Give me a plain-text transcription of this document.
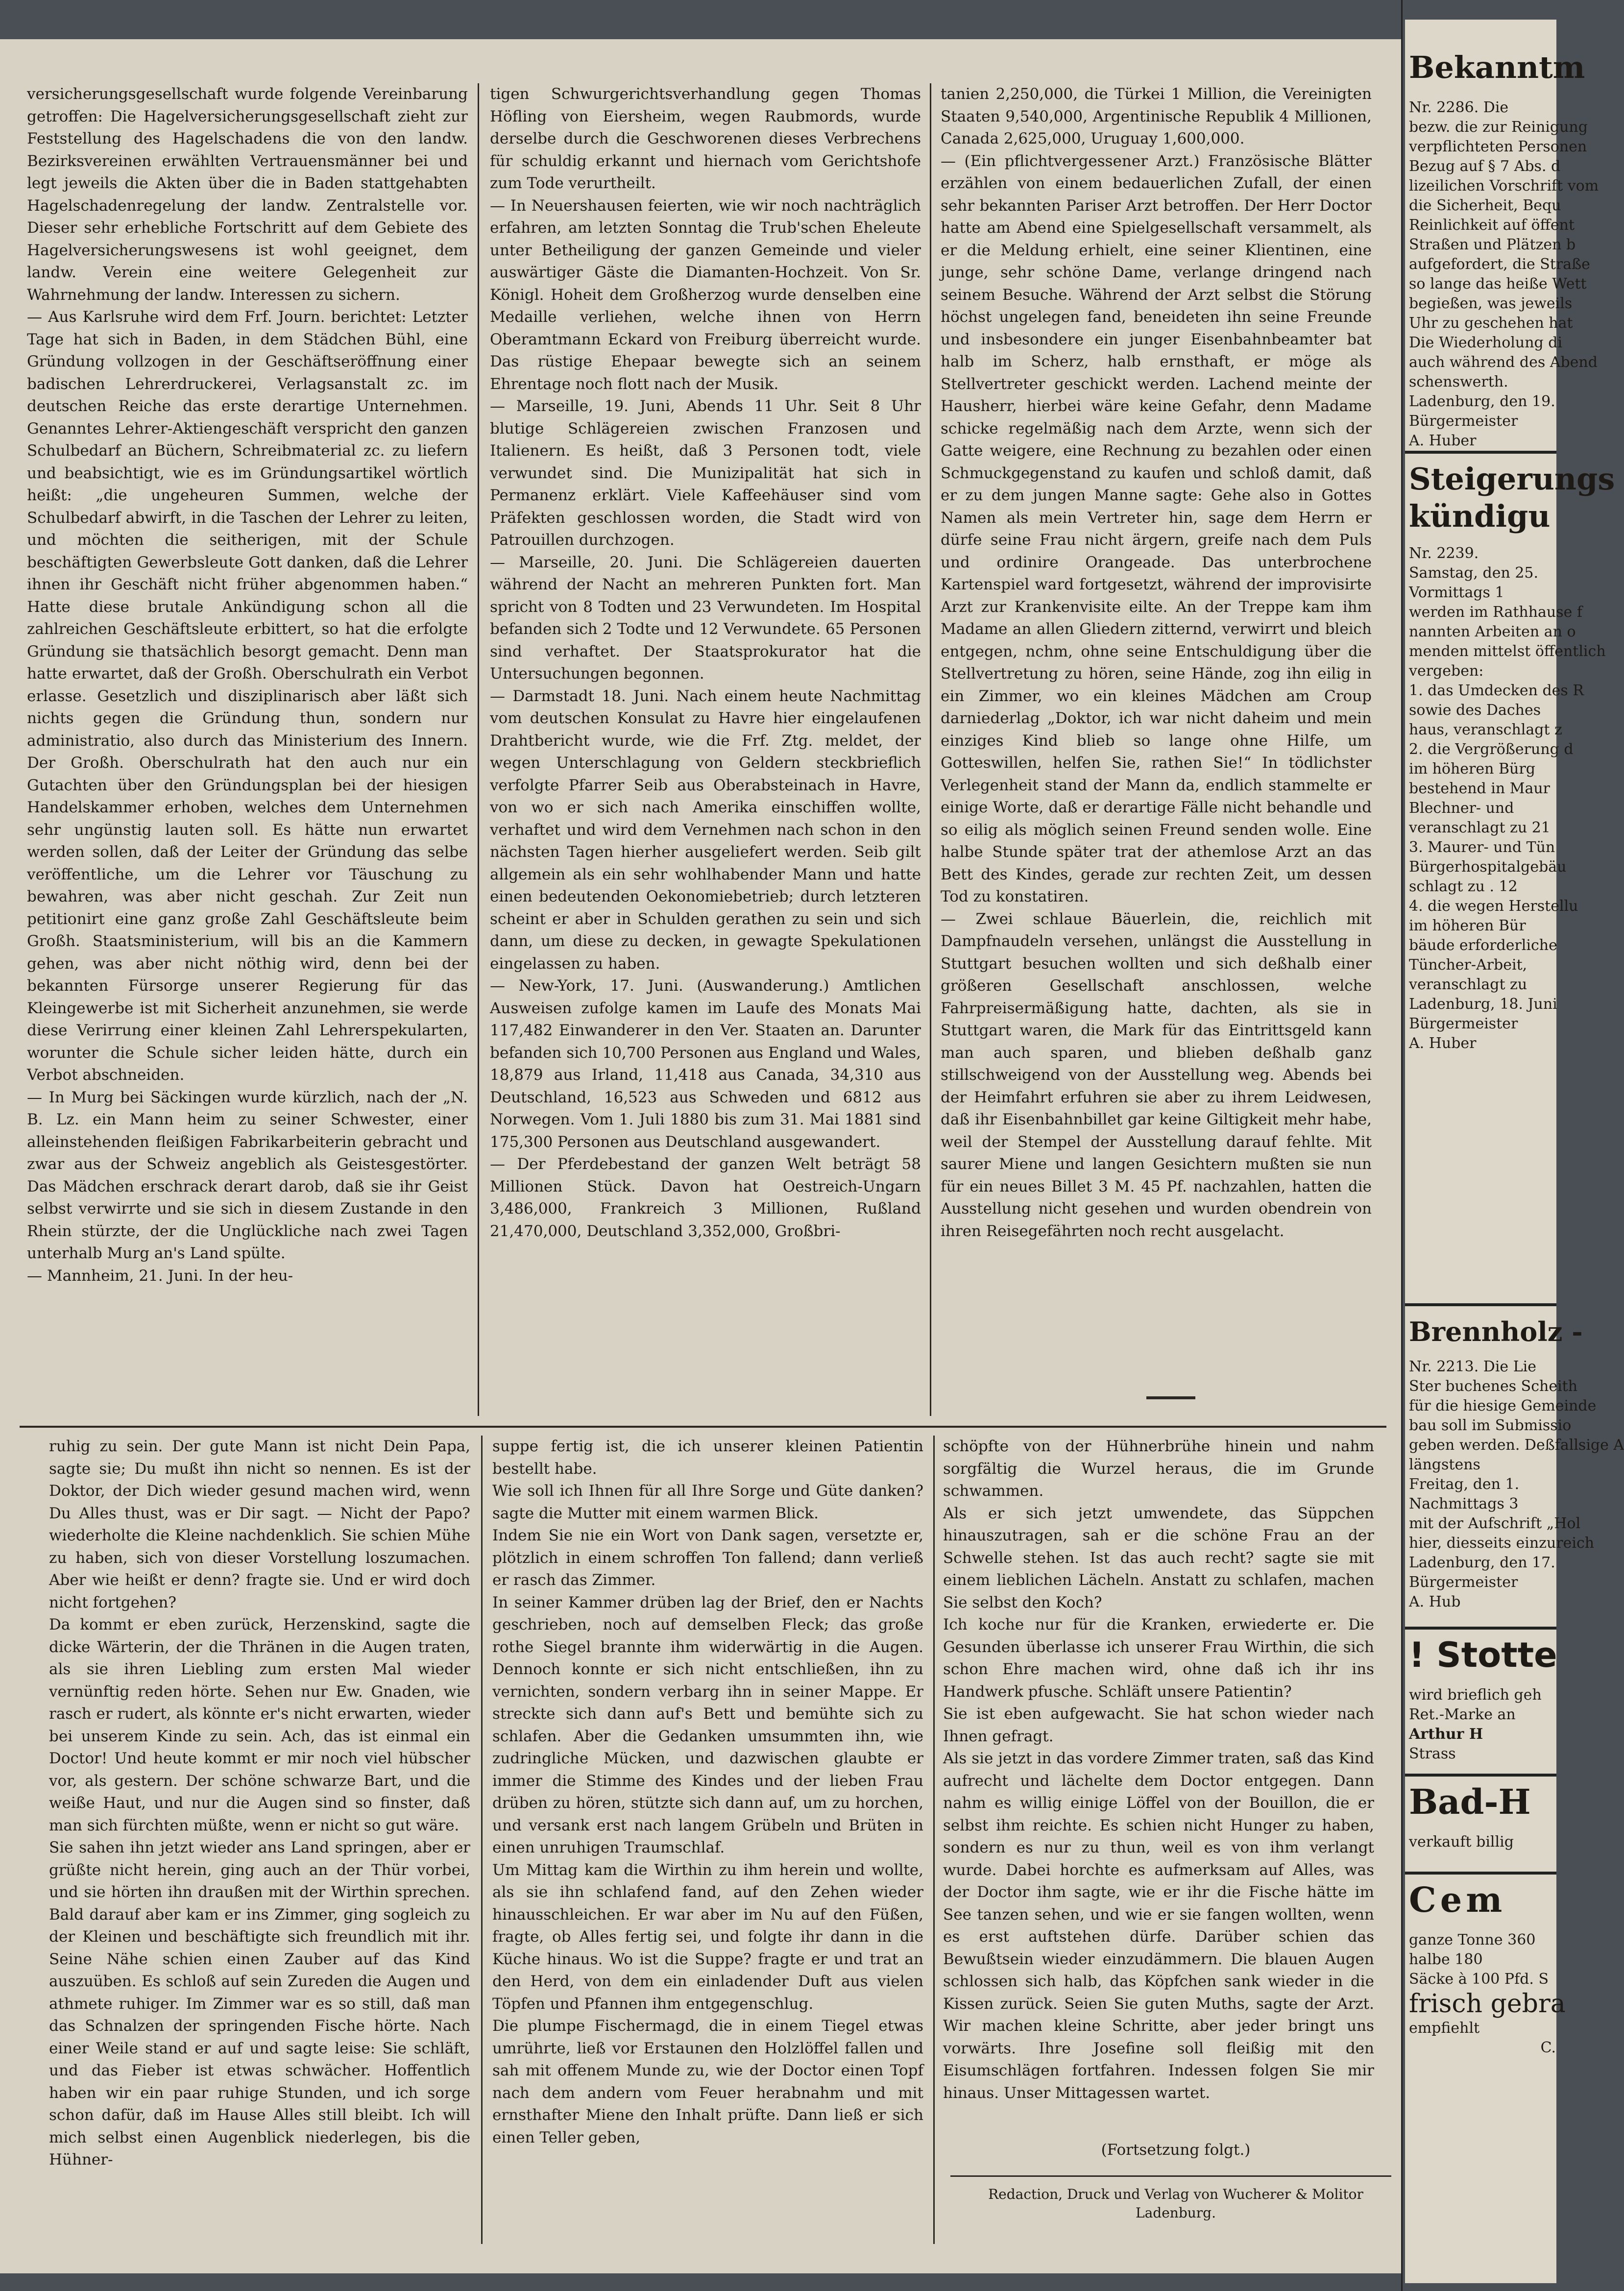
versicherungsgesellschaft wurde folgende Vereinbarung getroffen: Die Hagelversicherungsgesellschaft zieht zur Feststellung des Hagelschadens die von den landw. Bezirksvereinen erwählten Vertrauensmänner bei und legt jeweils die Akten über die in Baden stattgehabten Hagelschadenregelung der landw. Zentralstelle vor. Dieser sehr erhebliche Fortschritt auf dem Gebiete des Hagelversicherungswesens ist wohl geeignet, dem landw. Verein eine weitere Gelegenheit zur Wahrnehmung der landw. Interessen zu sichern.

— Aus Karlsruhe wird dem Frf. Journ. berichtet: Letzter Tage hat sich in Baden, in dem Städchen Bühl, eine Gründung vollzogen in der Geschäftseröffnung einer badischen Lehrerdruckerei, Verlagsanstalt zc. im deutschen Reiche das erste derartige Unternehmen. Genanntes Lehrer-Aktiengeschäft verspricht den ganzen Schulbedarf an Büchern, Schreibmaterial zc. zu liefern und beabsichtigt, wie es im Gründungsartikel wörtlich heißt: „die ungeheuren Summen, welche der Schulbedarf abwirft, in die Taschen der Lehrer zu leiten, und möchten die seitherigen, mit der Schule beschäftigten Gewerbsleute Gott danken, daß die Lehrer ihnen ihr Geschäft nicht früher abgenommen haben.“ Hatte diese brutale Ankündigung schon all die zahlreichen Geschäftsleute erbittert, so hat die erfolgte Gründung sie thatsächlich besorgt gemacht. Denn man hatte erwartet, daß der Großh. Oberschulrath ein Verbot erlasse. Gesetzlich und disziplinarisch aber läßt sich nichts gegen die Gründung thun, sondern nur administratio, also durch das Ministerium des Innern. Der Großh. Oberschulrath hat den auch nur ein Gutachten über den Gründungsplan bei der hiesigen Handelskammer erhoben, welches dem Unternehmen sehr ungünstig lauten soll. Es hätte nun erwartet werden sollen, daß der Leiter der Gründung das selbe veröffentliche, um die Lehrer vor Täuschung zu bewahren, was aber nicht geschah. Zur Zeit nun petitionirt eine ganz große Zahl Geschäftsleute beim Großh. Staatsministerium, will bis an die Kammern gehen, was aber nicht nöthig wird, denn bei der bekannten Fürsorge unserer Regierung für das Kleingewerbe ist mit Sicherheit anzunehmen, sie werde diese Verirrung einer kleinen Zahl Lehrerspekularten, worunter die Schule sicher leiden hätte, durch ein Verbot abschneiden.

— In Murg bei Säckingen wurde kürzlich, nach der „N. B. Lz. ein Mann heim zu seiner Schwester, einer alleinstehenden fleißigen Fabrikarbeiterin gebracht und zwar aus der Schweiz angeblich als Geistesgestörter. Das Mädchen erschrack derart darob, daß sie ihr Geist selbst verwirrte und sie sich in diesem Zustande in den Rhein stürzte, der die Unglückliche nach zwei Tagen unterhalb Murg an's Land spülte.

— Mannheim, 21. Juni. In der heu-

tigen Schwurgerichtsverhandlung gegen Thomas Höfling von Eiersheim, wegen Raubmords, wurde derselbe durch die Geschworenen dieses Verbrechens für schuldig erkannt und hiernach vom Gerichtshofe zum Tode verurtheilt.

— In Neuershausen feierten, wie wir noch nachträglich erfahren, am letzten Sonntag die Trub'schen Eheleute unter Betheiligung der ganzen Gemeinde und vieler auswärtiger Gäste die Diamanten-Hochzeit. Von Sr. Königl. Hoheit dem Großherzog wurde denselben eine Medaille verliehen, welche ihnen von Herrn Oberamtmann Eckard von Freiburg überreicht wurde. Das rüstige Ehepaar bewegte sich an seinem Ehrentage noch flott nach der Musik.

— Marseille, 19. Juni, Abends 11 Uhr. Seit 8 Uhr blutige Schlägereien zwischen Franzosen und Italienern. Es heißt, daß 3 Personen todt, viele verwundet sind. Die Munizipalität hat sich in Permanenz erklärt. Viele Kaffeehäuser sind vom Präfekten geschlossen worden, die Stadt wird von Patrouillen durchzogen.

— Marseille, 20. Juni. Die Schlägereien dauerten während der Nacht an mehreren Punkten fort. Man spricht von 8 Todten und 23 Verwundeten. Im Hospital befanden sich 2 Todte und 12 Verwundete. 65 Personen sind verhaftet. Der Staatsprokurator hat die Untersuchungen begonnen.

— Darmstadt 18. Juni. Nach einem heute Nachmittag vom deutschen Konsulat zu Havre hier eingelaufenen Drahtbericht wurde, wie die Frf. Ztg. meldet, der wegen Unterschlagung von Geldern steckbrieflich verfolgte Pfarrer Seib aus Oberabsteinach in Havre, von wo er sich nach Amerika einschiffen wollte, verhaftet und wird dem Vernehmen nach schon in den nächsten Tagen hierher ausgeliefert werden. Seib gilt allgemein als ein sehr wohlhabender Mann und hatte einen bedeutenden Oekonomiebetrieb; durch letzteren scheint er aber in Schulden gerathen zu sein und sich dann, um diese zu decken, in gewagte Spekulationen eingelassen zu haben.

— New-York, 17. Juni. (Auswanderung.) Amtlichen Ausweisen zufolge kamen im Laufe des Monats Mai 117,482 Einwanderer in den Ver. Staaten an. Darunter befanden sich 10,700 Personen aus England und Wales, 18,879 aus Irland, 11,418 aus Canada, 34,310 aus Deutschland, 16,523 aus Schweden und 6812 aus Norwegen. Vom 1. Juli 1880 bis zum 31. Mai 1881 sind 175,300 Personen aus Deutschland ausgewandert.

— Der Pferdebestand der ganzen Welt beträgt 58 Millionen Stück. Davon hat Oestreich-Ungarn 3,486,000, Frankreich 3 Millionen, Rußland 21,470,000, Deutschland 3,352,000, Großbri-

tanien 2,250,000, die Türkei 1 Million, die Vereinigten Staaten 9,540,000, Argentinische Republik 4 Millionen, Canada 2,625,000, Uruguay 1,600,000.

— (Ein pflichtvergessener Arzt.) Französische Blätter erzählen von einem bedauerlichen Zufall, der einen sehr bekannten Pariser Arzt betroffen. Der Herr Doctor hatte am Abend eine Spielgesellschaft versammelt, als er die Meldung erhielt, eine seiner Klientinen, eine junge, sehr schöne Dame, verlange dringend nach seinem Besuche. Während der Arzt selbst die Störung höchst ungelegen fand, beneideten ihn seine Freunde und insbesondere ein junger Eisenbahnbeamter bat halb im Scherz, halb ernsthaft, er möge als Stellvertreter geschickt werden. Lachend meinte der Hausherr, hierbei wäre keine Gefahr, denn Madame schicke regelmäßig nach dem Arzte, wenn sich der Gatte weigere, eine Rechnung zu bezahlen oder einen Schmuckgegenstand zu kaufen und schloß damit, daß er zu dem jungen Manne sagte: Gehe also in Gottes Namen als mein Vertreter hin, sage dem Herrn er dürfe seine Frau nicht ärgern, greife nach dem Puls und ordinire Orangeade. Das unterbrochene Kartenspiel ward fortgesetzt, während der improvisirte Arzt zur Krankenvisite eilte. An der Treppe kam ihm Madame an allen Gliedern zitternd, verwirrt und bleich entgegen, nchm, ohne seine Entschuldigung über die Stellvertretung zu hören, seine Hände, zog ihn eilig in ein Zimmer, wo ein kleines Mädchen am Croup darniederlag „Doktor, ich war nicht daheim und mein einziges Kind blieb so lange ohne Hilfe, um Gotteswillen, helfen Sie, rathen Sie!“ In tödlichster Verlegenheit stand der Mann da, endlich stammelte er einige Worte, daß er derartige Fälle nicht behandle und so eilig als möglich seinen Freund senden wolle. Eine halbe Stunde später trat der athemlose Arzt an das Bett des Kindes, gerade zur rechten Zeit, um dessen Tod zu konstatiren.

— Zwei schlaue Bäuerlein, die, reichlich mit Dampfnaudeln versehen, unlängst die Ausstellung in Stuttgart besuchen wollten und sich deßhalb einer größeren Gesellschaft anschlossen, welche Fahrpreisermäßigung hatte, dachten, als sie in Stuttgart waren, die Mark für das Eintrittsgeld kann man auch sparen, und blieben deßhalb ganz stillschweigend von der Ausstellung weg. Abends bei der Heimfahrt erfuhren sie aber zu ihrem Leidwesen, daß ihr Eisenbahnbillet gar keine Giltigkeit mehr habe, weil der Stempel der Ausstellung darauf fehlte. Mit saurer Miene und langen Gesichtern mußten sie nun für ein neues Billet 3 M. 45 Pf. nachzahlen, hatten die Ausstellung nicht gesehen und wurden obendrein von ihren Reisegefährten noch recht ausgelacht.

ruhig zu sein. Der gute Mann ist nicht Dein Papa, sagte sie; Du mußt ihn nicht so nennen. Es ist der Doktor, der Dich wieder gesund machen wird, wenn Du Alles thust, was er Dir sagt. — Nicht der Papo? wiederholte die Kleine nachdenklich. Sie schien Mühe zu haben, sich von dieser Vorstellung loszumachen. Aber wie heißt er denn? fragte sie. Und er wird doch nicht fortgehen?

Da kommt er eben zurück, Herzenskind, sagte die dicke Wärterin, der die Thränen in die Augen traten, als sie ihren Liebling zum ersten Mal wieder vernünftig reden hörte. Sehen nur Ew. Gnaden, wie rasch er rudert, als könnte er's nicht erwarten, wieder bei unserem Kinde zu sein. Ach, das ist einmal ein Doctor! Und heute kommt er mir noch viel hübscher vor, als gestern. Der schöne schwarze Bart, und die weiße Haut, und nur die Augen sind so finster, daß man sich fürchten müßte, wenn er nicht so gut wäre.

Sie sahen ihn jetzt wieder ans Land springen, aber er grüßte nicht herein, ging auch an der Thür vorbei, und sie hörten ihn draußen mit der Wirthin sprechen. Bald darauf aber kam er ins Zimmer, ging sogleich zu der Kleinen und beschäftigte sich freundlich mit ihr. Seine Nähe schien einen Zauber auf das Kind auszuüben. Es schloß auf sein Zureden die Augen und athmete ruhiger. Im Zimmer war es so still, daß man das Schnalzen der springenden Fische hörte. Nach einer Weile stand er auf und sagte leise: Sie schläft, und das Fieber ist etwas schwächer. Hoffentlich haben wir ein paar ruhige Stunden, und ich sorge schon dafür, daß im Hause Alles still bleibt. Ich will mich selbst einen Augenblick niederlegen, bis die Hühner-

suppe fertig ist, die ich unserer kleinen Patientin bestellt habe.

Wie soll ich Ihnen für all Ihre Sorge und Güte danken? sagte die Mutter mit einem warmen Blick.

Indem Sie nie ein Wort von Dank sagen, versetzte er, plötzlich in einem schroffen Ton fallend; dann verließ er rasch das Zimmer.

In seiner Kammer drüben lag der Brief, den er Nachts geschrieben, noch auf demselben Fleck; das große rothe Siegel brannte ihm widerwärtig in die Augen. Dennoch konnte er sich nicht entschließen, ihn zu vernichten, sondern verbarg ihn in seiner Mappe. Er streckte sich dann auf's Bett und bemühte sich zu schlafen. Aber die Gedanken umsummten ihn, wie zudringliche Mücken, und dazwischen glaubte er immer die Stimme des Kindes und der lieben Frau drüben zu hören, stützte sich dann auf, um zu horchen, und versank erst nach langem Grübeln und Brüten in einen unruhigen Traumschlaf.

Um Mittag kam die Wirthin zu ihm herein und wollte, als sie ihn schlafend fand, auf den Zehen wieder hinausschleichen. Er war aber im Nu auf den Füßen, fragte, ob Alles fertig sei, und folgte ihr dann in die Küche hinaus. Wo ist die Suppe? fragte er und trat an den Herd, von dem ein einladender Duft aus vielen Töpfen und Pfannen ihm entgegenschlug.

Die plumpe Fischermagd, die in einem Tiegel etwas umrührte, ließ vor Erstaunen den Holzlöffel fallen und sah mit offenem Munde zu, wie der Doctor einen Topf nach dem andern vom Feuer herabnahm und mit ernsthafter Miene den Inhalt prüfte. Dann ließ er sich einen Teller geben,

schöpfte von der Hühnerbrühe hinein und nahm sorgfältig die Wurzel heraus, die im Grunde schwammen.

Als er sich jetzt umwendete, das Süppchen hinauszutragen, sah er die schöne Frau an der Schwelle stehen. Ist das auch recht? sagte sie mit einem lieblichen Lächeln. Anstatt zu schlafen, machen Sie selbst den Koch?

Ich koche nur für die Kranken, erwiederte er. Die Gesunden überlasse ich unserer Frau Wirthin, die sich schon Ehre machen wird, ohne daß ich ihr ins Handwerk pfusche. Schläft unsere Patientin?

Sie ist eben aufgewacht. Sie hat schon wieder nach Ihnen gefragt.

Als sie jetzt in das vordere Zimmer traten, saß das Kind aufrecht und lächelte dem Doctor entgegen. Dann nahm es willig einige Löffel von der Bouillon, die er selbst ihm reichte. Es schien nicht Hunger zu haben, sondern es nur zu thun, weil es von ihm verlangt wurde. Dabei horchte es aufmerksam auf Alles, was der Doctor ihm sagte, wie er ihr die Fische hätte im See tanzen sehen, und wie er sie fangen wollten, wenn es erst auftstehen dürfe. Darüber schien das Bewußtsein wieder einzudämmern. Die blauen Augen schlossen sich halb, das Köpfchen sank wieder in die Kissen zurück. Seien Sie guten Muths, sagte der Arzt. Wir machen kleine Schritte, aber jeder bringt uns vorwärts. Ihre Josefine soll fleißig mit den Eisumschlägen fortfahren. Indessen folgen Sie mir hinaus. Unser Mittagessen wartet.

(Fortsetzung folgt.)
Redaction, Druck und Verlag von Wucherer & Molitor
Ladenburg.
Bekanntm
Nr. 2286. Die
bezw. die zur Reinigung
verpflichteten Personen
Bezug auf § 7 Abs. d
lizeilichen Vorschrift vom
die Sicherheit, Bequ
Reinlichkeit auf öffent
Straßen und Plätzen b
aufgefordert, die Straße
so lange das heiße Wett
begießen, was jeweils
Uhr zu geschehen hat
Die Wiederholung di
auch während des Abend
schenswerth.
Ladenburg, den 19.
Bürgermeister
A. Huber
Steigerungs
kündigu
Nr. 2239.
Samstag, den 25.
Vormittags 1
werden im Rathhause f
nannten Arbeiten an o
menden mittelst öffentlich
vergeben:
1. das Umdecken des R
sowie des Daches
haus, veranschlagt z
2. die Vergrößerung d
im höheren Bürg
bestehend in Maur
Blechner- und
veranschlagt zu 21
3. Maurer- und Tün
Bürgerhospitalgebäu
schlagt zu . 12
4. die wegen Herstellu
im höheren Bür
bäude erforderliche
Tüncher-Arbeit,
veranschlagt zu
Ladenburg, 18. Juni
Bürgermeister
A. Huber
Brennholz -
Nr. 2213. Die Lie
Ster buchenes Scheith
für die hiesige Gemeinde
bau soll im Submissio
geben werden. Deßfallsige A
längstens
Freitag, den 1.
Nachmittags 3
mit der Aufschrift „Hol
hier, diesseits einzureich
Ladenburg, den 17.
Bürgermeister
A. Hub
! Stotte
wird brieflich geh
Ret.-Marke an
Arthur H
Strass
Bad-H
verkauft billig
Cem
ganze Tonne 360
halbe 180
Säcke à 100 Pfd. S
frisch gebra
empfiehlt
C.
